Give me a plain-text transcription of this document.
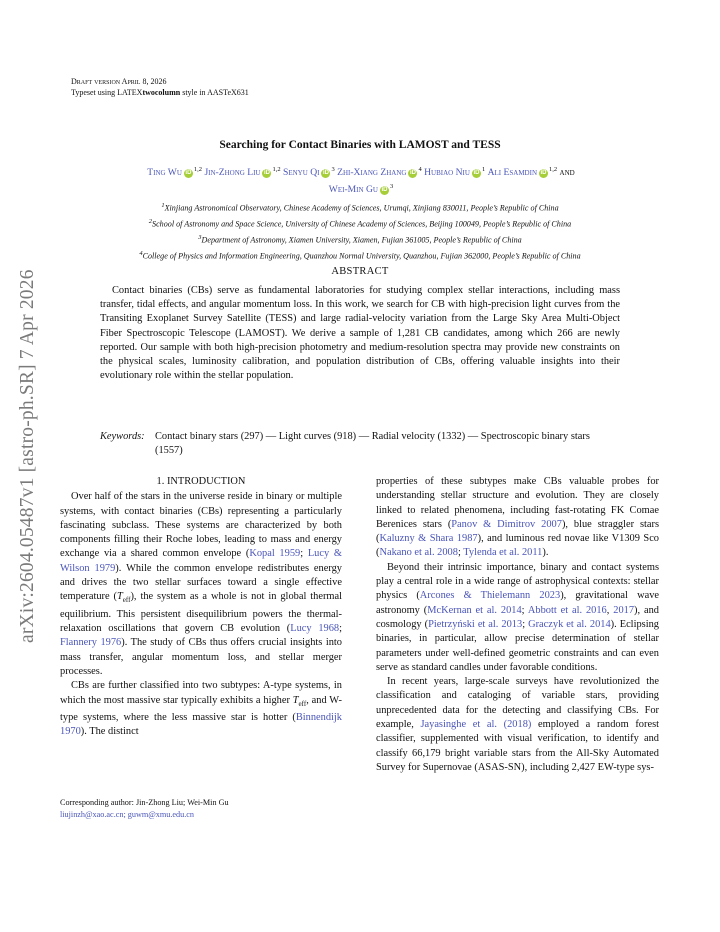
arXiv:2604.05487v1 [astro-ph.SR] 7 Apr 2026
Draft version April 8, 2026
Typeset using LATEXtwocolumn style in AASTeX631
Searching for Contact Binaries with LAMOST and TESS
Ting Wu iD$^{1,2}$ Jin-Zhong Liu iD$^{1,2}$ Senyu Qi $iD^3$ Zhi-Xiang Zhang $iD^4$ Hubiao Niu $iD^1$ Ali Esamdin iD$^{1,2}$ and
Wei-Min Gu $iD^3$
$^1$Xinjiang Astronomical Observatory, Chinese Academy of Sciences, Urumqi, Xinjiang 830011, People’s Republic of China
$^2$School of Astronomy and Space Science, University of Chinese Academy of Sciences, Beijing 100049, People’s Republic of China
$^3$Department of Astronomy, Xiamen University, Xiamen, Fujian 361005, People’s Republic of China
$^4$College of Physics and Information Engineering, Quanzhou Normal University, Quanzhou, Fujian 362000, People’s Republic of China
ABSTRACT
Contact binaries (CBs) serve as fundamental laboratories for studying complex stellar interactions, including mass transfer, tidal effects, and angular momentum loss. In this work, we search for CB with high-precision light curves from the Transiting Exoplanet Survey Satellite (TESS) and large radial-velocity variation from the Large Sky Area Multi-Object Fiber Spectroscopic Telescope (LAMOST). We derive a sample of 1,281 CB candidates, among which 266 are newly reported. Our sample with both high-precision photometry and medium-resolution spectra may provide new constraints on the physical scales, luminosity calibration, and population distribution of CBs, offering valuable insights into their evolutionary role within the stellar population.
Keywords: Contact binary stars (297) — Light curves (918) — Radial velocity (1332) — Spectroscopic binary stars (1557)
1. INTRODUCTION

Over half of the stars in the universe reside in binary or multiple systems, with contact binaries (CBs) representing a particularly fascinating subclass. These systems are characterized by both components filling their Roche lobes, leading to mass and energy exchange via a shared common envelope (Kopal 1959; Lucy & Wilson 1979). While the common envelope redistributes energy and drives the two stellar surfaces toward a single effective temperature $(T_{eff})$, the system as a whole is not in global thermal equilibrium. This persistent disequilibrium powers the thermal-relaxation oscillations that govern CB evolution (Lucy 1968; Flannery 1976). The study of CBs thus offers crucial insights into mass transfer, angular momentum loss, and stellar merger processes.

CBs are further classified into two subtypes: A-type systems, in which the most massive star typically exhibits a higher $T_{eff}$, and W-type systems, where the less massive star is hotter (Binnendijk 1970). The distinct

Corresponding author: Jin-Zhong Liu; Wei-Min Gu
liujinzh@xao.ac.cn; guwm@xmu.edu.cn

properties of these subtypes make CBs valuable probes for understanding stellar structure and evolution. They are closely linked to related phenomena, including fast-rotating FK Comae Berenices stars (Panov & Dimitrov 2007), blue straggler stars (Kaluzny & Shara 1987), and luminous red novae like V1309 Sco (Nakano et al. 2008; Tylenda et al. 2011).

Beyond their intrinsic importance, binary and contact systems play a central role in a wide range of astrophysical contexts: stellar physics (Arcones & Thielemann 2023), gravitational wave astronomy (McKernan et al. 2014; Abbott et al. 2016, 2017), and cosmology (Pietrzyński et al. 2013; Graczyk et al. 2014). Eclipsing binaries, in particular, allow precise determination of stellar parameters under well-defined geometric constraints and can even serve as standard candles under favorable conditions.

In recent years, large-scale surveys have revolutionized the classification and cataloging of variable stars, providing unprecedented data for the detecting and classifying CBs. For example, Jayasinghe et al. (2018) employed a random forest classifier, supplemented with visual verification, to identify and classify 66,179 bright variable stars from the All-Sky Automated Survey for Supernovae (ASAS-SN), including 2,427 EW-type sys-
